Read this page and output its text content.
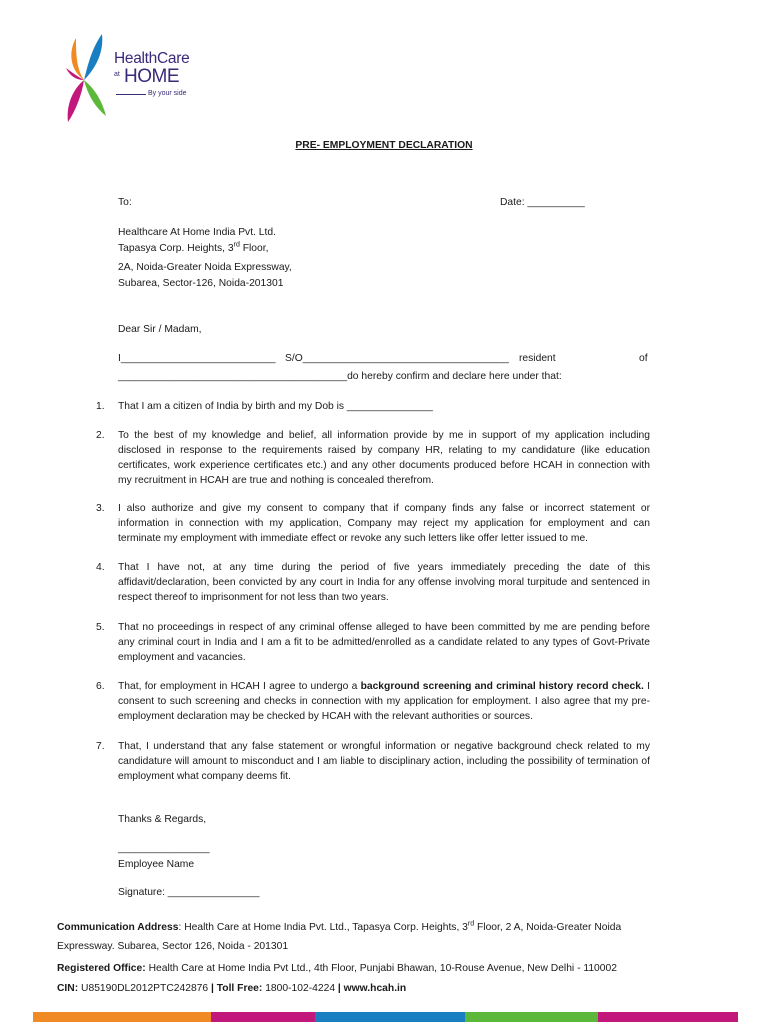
HealthCare
at HOME
By your side
PRE- EMPLOYMENT DECLARATION
To:	Date: __________
Healthcare At Home India Pvt. Ltd.
Tapasya Corp. Heights, 3rd Floor,
2A, Noida-Greater Noida Expressway,
Subarea, Sector-126, Noida-201301
Dear Sir / Madam,
I___________________________ S/O____________________________________ resident	of
________________________________________do hereby confirm and declare here under that:
1. That I am a citizen of India by birth and my Dob is _______________
2. To the best of my knowledge and belief, all information provide by me in support of my application including disclosed in response to the requirements raised by company HR, relating to my candidature (like education certificates, work experience certificates etc.) and any other documents produced before HCAH in connection with my recruitment in HCAH are true and nothing is concealed therefrom.
3. I also authorize and give my consent to company that if company finds any false or incorrect statement or information in connection with my application, Company may reject my application for employment and can terminate my employment with immediate effect or revoke any such letters like offer letter issued to me.
4. That I have not, at any time during the period of five years immediately preceding the date of this affidavit/declaration, been convicted by any court in India for any offense involving moral turpitude and sentenced in respect thereof to imprisonment for not less than two years.
5. That no proceedings in respect of any criminal offense alleged to have been committed by me are pending before any criminal court in India and I am a fit to be admitted/enrolled as a candidate related to any types of Govt-Private employment and vacancies.
6. That, for employment in HCAH I agree to undergo a background screening and criminal history record check. I consent to such screening and checks in connection with my application for employment. I also agree that my pre-employment declaration may be checked by HCAH with the relevant authorities or sources.
7. That, I understand that any false statement or wrongful information or negative background check related to my candidature will amount to misconduct and I am liable to disciplinary action, including the possibility of termination of employment what company deems fit.
Thanks & Regards,
________________
Employee Name
Signature: ________________
Communication Address: Health Care at Home India Pvt. Ltd., Tapasya Corp. Heights, 3rd Floor, 2 A, Noida-Greater Noida
Expressway. Subarea, Sector 126, Noida - 201301
Registered Office: Health Care at Home India Pvt Ltd., 4th Floor, Punjabi Bhawan, 10-Rouse Avenue, New Delhi - 110002
CIN: U85190DL2012PTC242876 | Toll Free: 1800-102-4224 | www.hcah.in
